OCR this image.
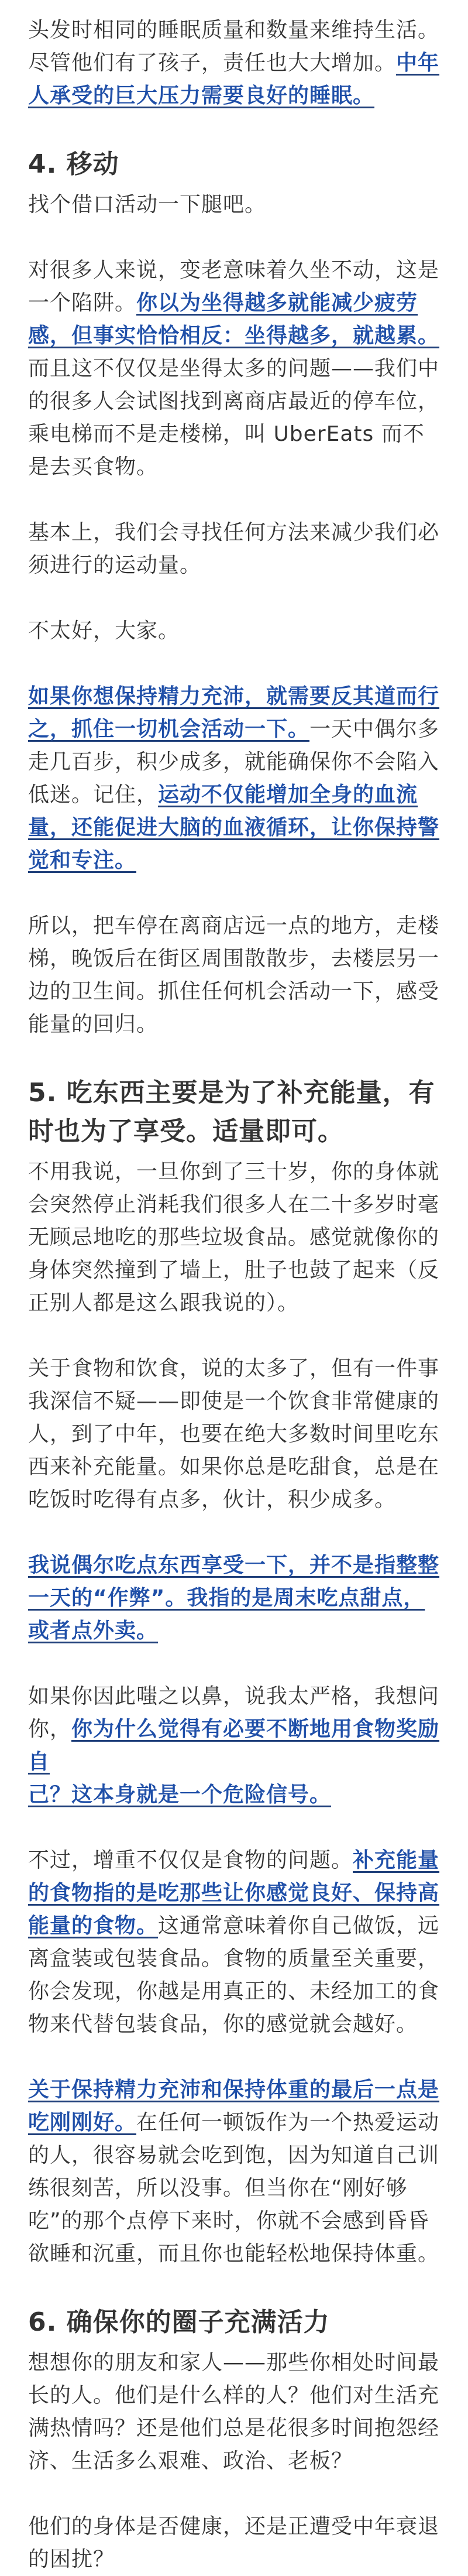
头发时相同的睡眠质量和数量来维持生活。尽管他们有了孩子，责任也大大增加。中年人承受的巨大压力需要良好的睡眠。

4. 移动

找个借口活动一下腿吧。

对很多人来说，变老意味着久坐不动，这是一个陷阱。你以为坐得越多就能减少疲劳感，但事实恰恰相反：坐得越多，就越累。而且这不仅仅是坐得太多的问题——我们中的很多人会试图找到离商店最近的停车位，乘电梯而不是走楼梯，叫 UberEats 而不是去买食物。

基本上，我们会寻找任何方法来减少我们必须进行的运动量。

不太好，大家。

如果你想保持精力充沛，就需要反其道而行之，抓住一切机会活动一下。一天中偶尔多走几百步，积少成多，就能确保你不会陷入低迷。记住，运动不仅能增加全身的血流量，还能促进大脑的血液循环，让你保持警觉和专注。

所以，把车停在离商店远一点的地方，走楼梯，晚饭后在街区周围散散步，去楼层另一边的卫生间。抓住任何机会活动一下，感受能量的回归。

5. 吃东西主要是为了补充能量，有时也为了享受。适量即可。

不用我说，一旦你到了三十岁，你的身体就会突然停止消耗我们很多人在二十多岁时毫无顾忌地吃的那些垃圾食品。感觉就像你的身体突然撞到了墙上，肚子也鼓了起来（反正别人都是这么跟我说的）。

关于食物和饮食，说的太多了，但有一件事我深信不疑——即使是一个饮食非常健康的人，到了中年，也要在绝大多数时间里吃东西来补充能量。如果你总是吃甜食，总是在吃饭时吃得有点多，伙计，积少成多。

我说偶尔吃点东西享受一下，并不是指整整一天的“作弊”。我指的是周末吃点甜点，或者点外卖。

如果你因此嗤之以鼻，说我太严格，我想问你，你为什么觉得有必要不断地用食物奖励自

己？这本身就是一个危险信号。

不过，增重不仅仅是食物的问题。补充能量的食物指的是吃那些让你感觉良好、保持高能量的食物。这通常意味着你自己做饭，远离盒装或包装食品。食物的质量至关重要，你会发现，你越是用真正的、未经加工的食物来代替包装食品，你的感觉就会越好。

关于保持精力充沛和保持体重的最后一点是吃刚刚好。在任何一顿饭作为一个热爱运动的人，很容易就会吃到饱，因为知道自己训练很刻苦，所以没事。但当你在“刚好够吃”的那个点停下来时，你就不会感到昏昏欲睡和沉重，而且你也能轻松地保持体重。

6. 确保你的圈子充满活力

想想你的朋友和家人——那些你相处时间最长的人。他们是什么样的人？他们对生活充满热情吗？还是他们总是花很多时间抱怨经济、生活多么艰难、政治、老板？

他们的身体是否健康，还是正遭受中年衰退的困扰？
